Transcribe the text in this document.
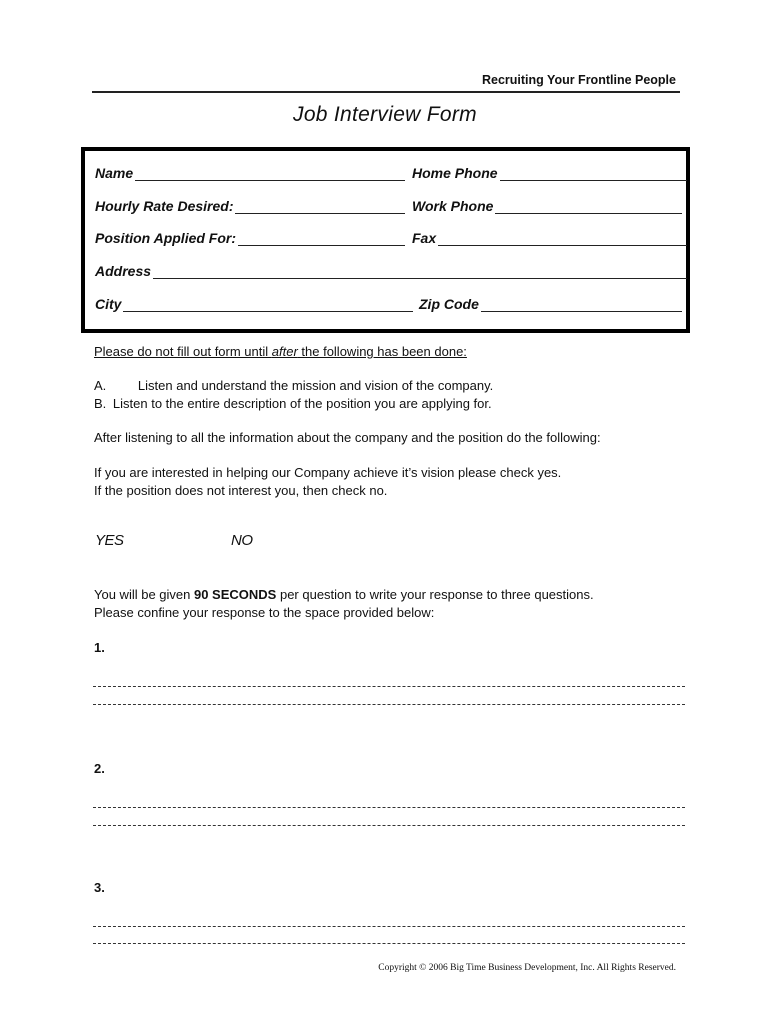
Recruiting Your Frontline People
Job Interview Form
Name	Home Phone
Hourly Rate Desired:	Work Phone
Position Applied For:	Fax
Address
City	Zip Code
Please do not fill out form until after the following has been done:
A. Listen and understand the mission and vision of the company.
B. Listen to the entire description of the position you are applying for.
After listening to all the information about the company and the position do the following:
If you are interested in helping our Company achieve it’s vision please check yes.
If the position does not interest you, then check no.
YES	NO
You will be given 90 SECONDS per question to write your response to three questions.
Please confine your response to the space provided below:
1.
2.
3.
Copyright © 2006 Big Time Business Development, Inc. All Rights Reserved.
